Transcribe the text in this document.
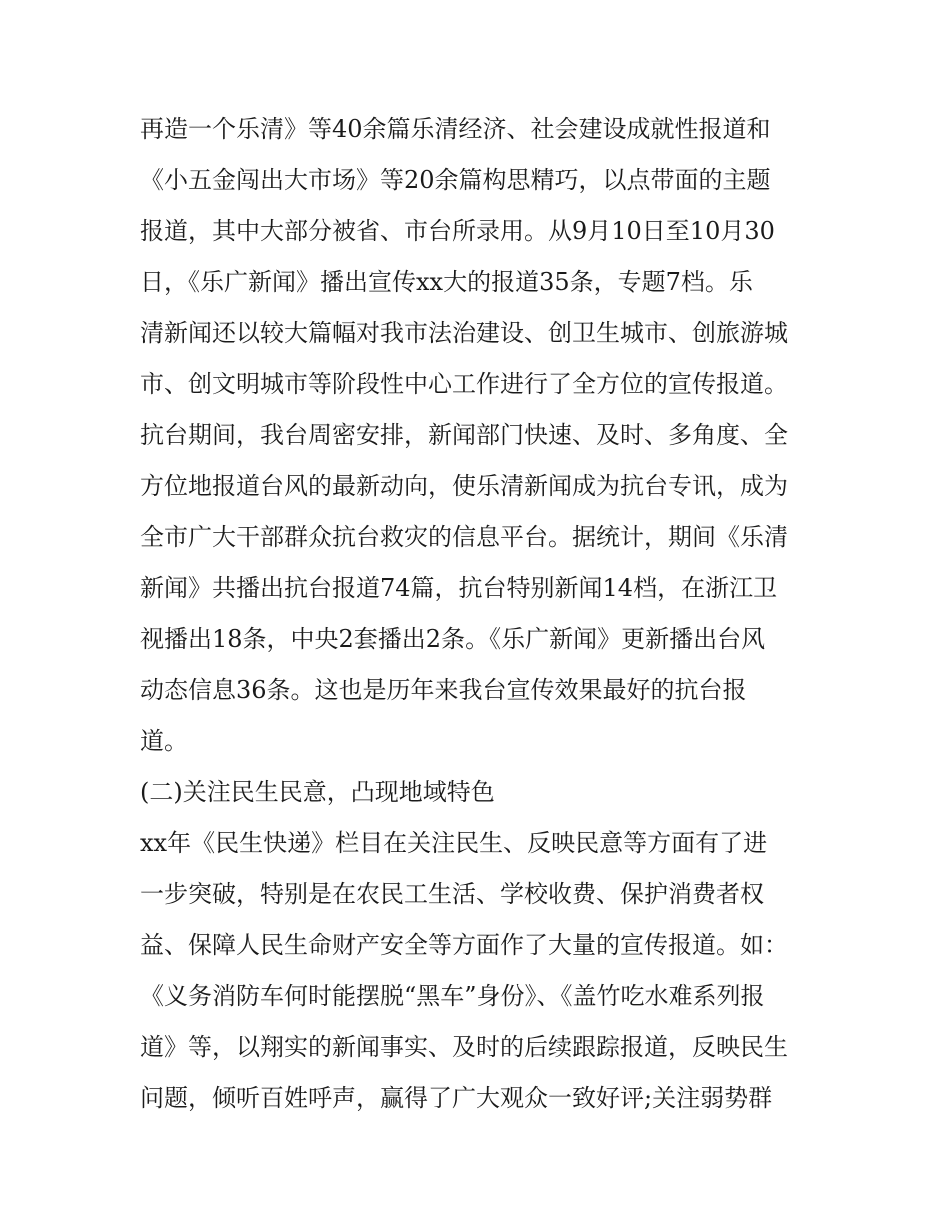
再造一个乐清》等40余篇乐清经济、社会建设成就性报道和
《小五金闯出大市场》等20余篇构思精巧，以点带面的主题
报道，其中大部分被省、市台所录用。从9月10日至10月30
日，《乐广新闻》播出宣传xx大的报道35条，专题7档。乐
清新闻还以较大篇幅对我市法治建设、创卫生城市、创旅游城
市、创文明城市等阶段性中心工作进行了全方位的宣传报道。
抗台期间，我台周密安排，新闻部门快速、及时、多角度、全
方位地报道台风的最新动向，使乐清新闻成为抗台专讯，成为
全市广大干部群众抗台救灾的信息平台。据统计，期间《乐清
新闻》共播出抗台报道74篇，抗台特别新闻14档，在浙江卫
视播出18条，中央2套播出2条。《乐广新闻》更新播出台风
动态信息36条。这也是历年来我台宣传效果最好的抗台报
道。
(二)关注民生民意，凸现地域特色
xx年《民生快递》栏目在关注民生、反映民意等方面有了进
一步突破，特别是在农民工生活、学校收费、保护消费者权
益、保障人民生命财产安全等方面作了大量的宣传报道。如：
《义务消防车何时能摆脱“黑车”身份》、《盖竹吃水难系列报
道》等，以翔实的新闻事实、及时的后续跟踪报道，反映民生
问题，倾听百姓呼声，赢得了广大观众一致好评;关注弱势群
